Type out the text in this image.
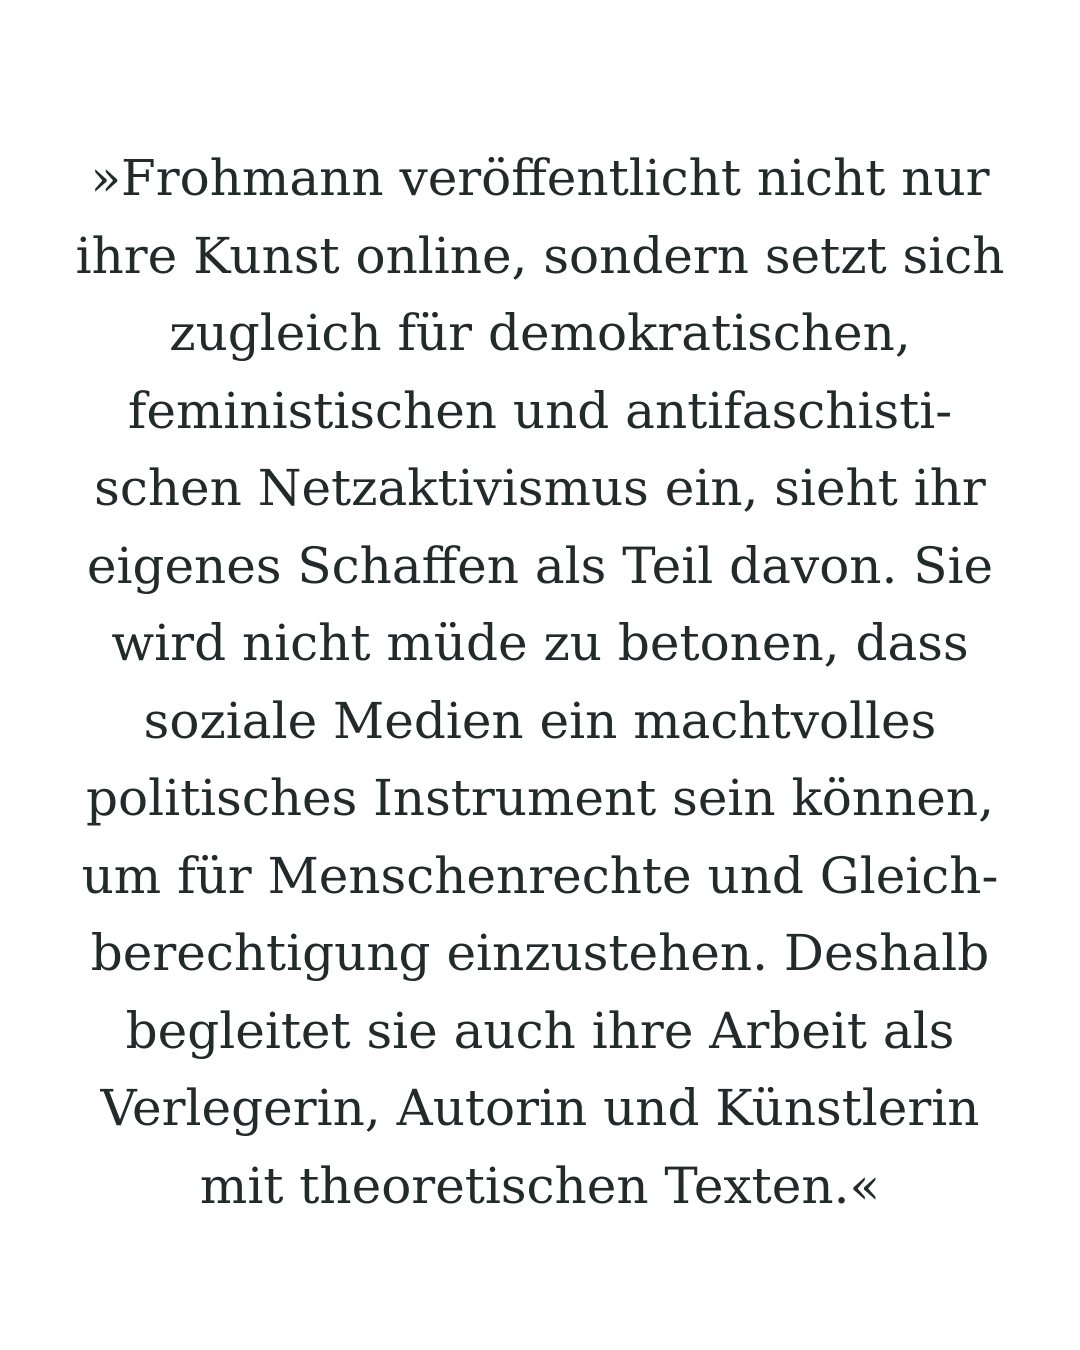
»Frohmann veröffentlicht nicht nur
ihre Kunst online, sondern setzt sich
zugleich für demokratischen,
feministischen und antifaschisti-
schen Netzaktivismus ein, sieht ihr
eigenes Schaffen als Teil davon. Sie
wird nicht müde zu betonen, dass
soziale Medien ein machtvolles
politisches Instrument sein können,
um für Menschenrechte und Gleich-
berechtigung einzustehen. Deshalb
begleitet sie auch ihre Arbeit als
Verlegerin, Autorin und Künstlerin
mit theoretischen Texten.«
